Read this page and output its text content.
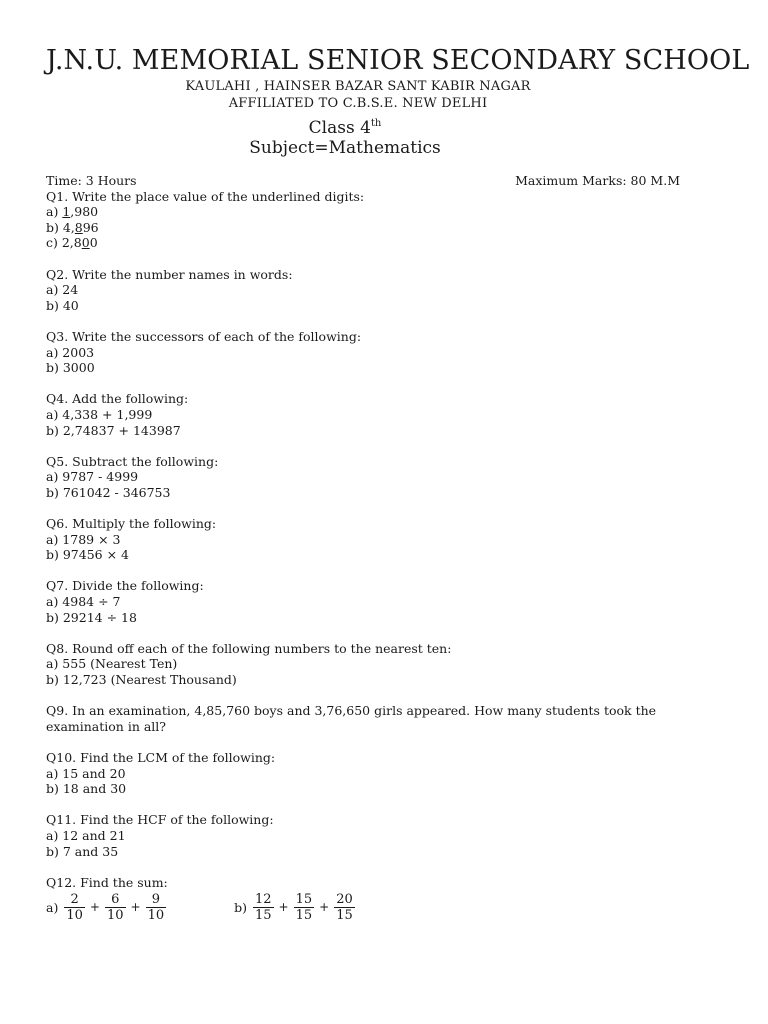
J.N.U. MEMORIAL SENIOR SECONDARY SCHOOL
KAULAHI , HAINSER BAZAR SANT KABIR NAGAR
AFFILIATED TO C.B.S.E. NEW DELHI
Class 4th
Subject=Mathematics
Time: 3 Hours	Maximum Marks: 80 M.M
Q1. Write the place value of the underlined digits:
a) 1,980
b) 4,896
c) 2,800
Q2. Write the number names in words:
a) 24
b) 40
Q3. Write the successors of each of the following:
a) 2003
b) 3000
Q4. Add the following:
a) 4,338 + 1,999
b) 2,74837 + 143987
Q5. Subtract the following:
a) 9787 - 4999
b) 761042 - 346753
Q6. Multiply the following:
a) 1789 × 3
b) 97456 × 4
Q7. Divide the following:
a) 4984 ÷ 7
b) 29214 ÷ 18
Q8. Round off each of the following numbers to the nearest ten:
a) 555 (Nearest Ten)
b) 12,723 (Nearest Thousand)
Q9. In an examination, 4,85,760 boys and 3,76,650 girls appeared. How many students took the examination in all?
Q10. Find the LCM of the following:
a) 15 and 20
b) 18 and 30
Q11. Find the HCF of the following:
a) 12 and 21
b) 7 and 35
Q12. Find the sum:
$a) \frac{2}{10} + \frac{6}{10} + \frac{9}{10}$	$b) \frac{12}{15} + \frac{15}{15} + \frac{20}{15}$
